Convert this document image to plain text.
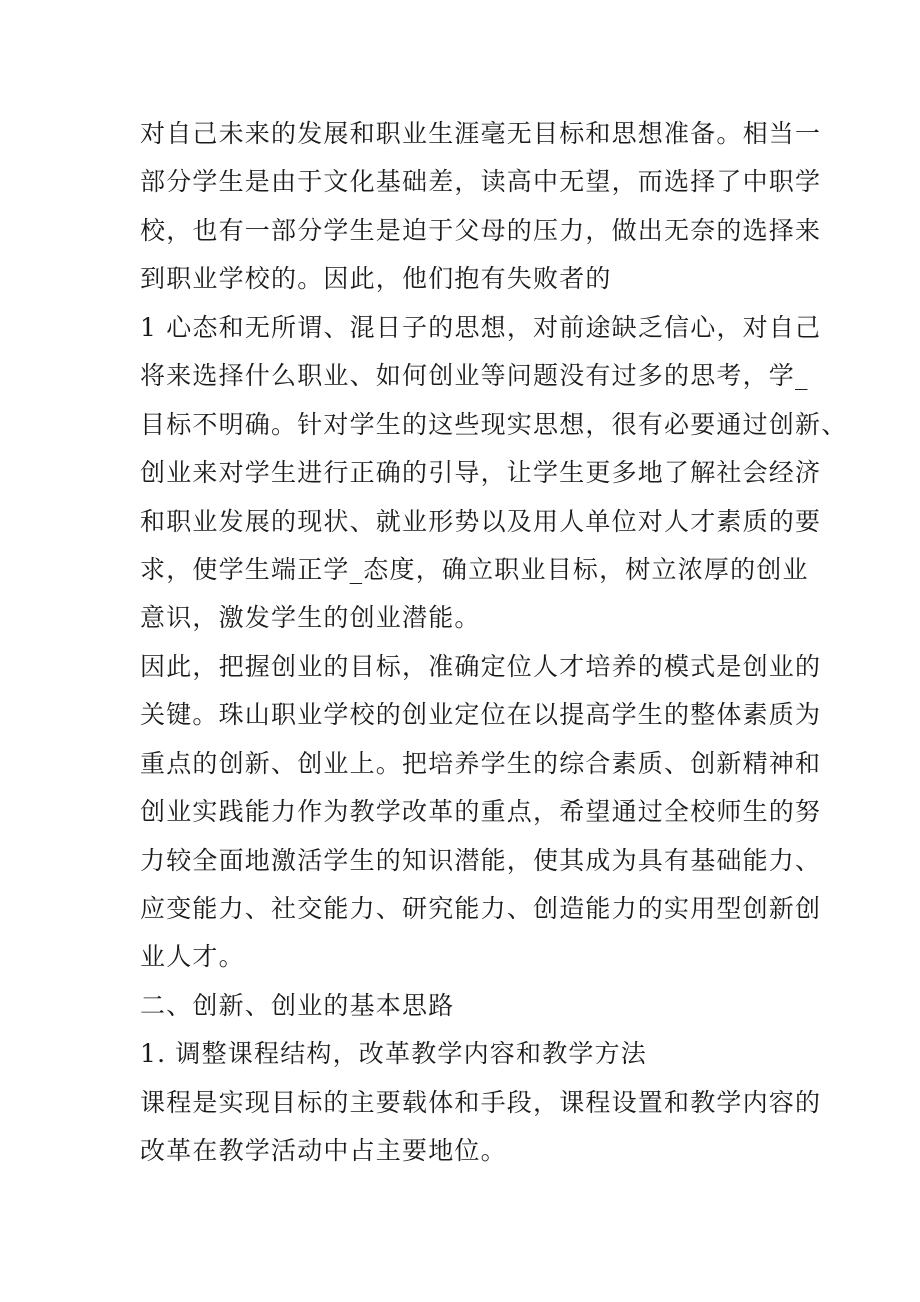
对自己未来的发展和职业生涯毫无目标和思想准备。相当一
部分学生是由于文化基础差，读高中无望，而选择了中职学
校，也有一部分学生是迫于父母的压力，做出无奈的选择来
到职业学校的。因此，他们抱有失败者的
1 心态和无所谓、混日子的思想，对前途缺乏信心，对自己
将来选择什么职业、如何创业等问题没有过多的思考，学_
目标不明确。针对学生的这些现实思想，很有必要通过创新、
创业来对学生进行正确的引导，让学生更多地了解社会经济
和职业发展的现状、就业形势以及用人单位对人才素质的要
求，使学生端正学_态度，确立职业目标，树立浓厚的创业
意识，激发学生的创业潜能。
因此，把握创业的目标，准确定位人才培养的模式是创业的
关键。珠山职业学校的创业定位在以提高学生的整体素质为
重点的创新、创业上。把培养学生的综合素质、创新精神和
创业实践能力作为教学改革的重点，希望通过全校师生的努
力较全面地激活学生的知识潜能，使其成为具有基础能力、
应变能力、社交能力、研究能力、创造能力的实用型创新创
业人才。
二、创新、创业的基本思路
1. 调整课程结构，改革教学内容和教学方法
课程是实现目标的主要载体和手段，课程设置和教学内容的
改革在教学活动中占主要地位。
